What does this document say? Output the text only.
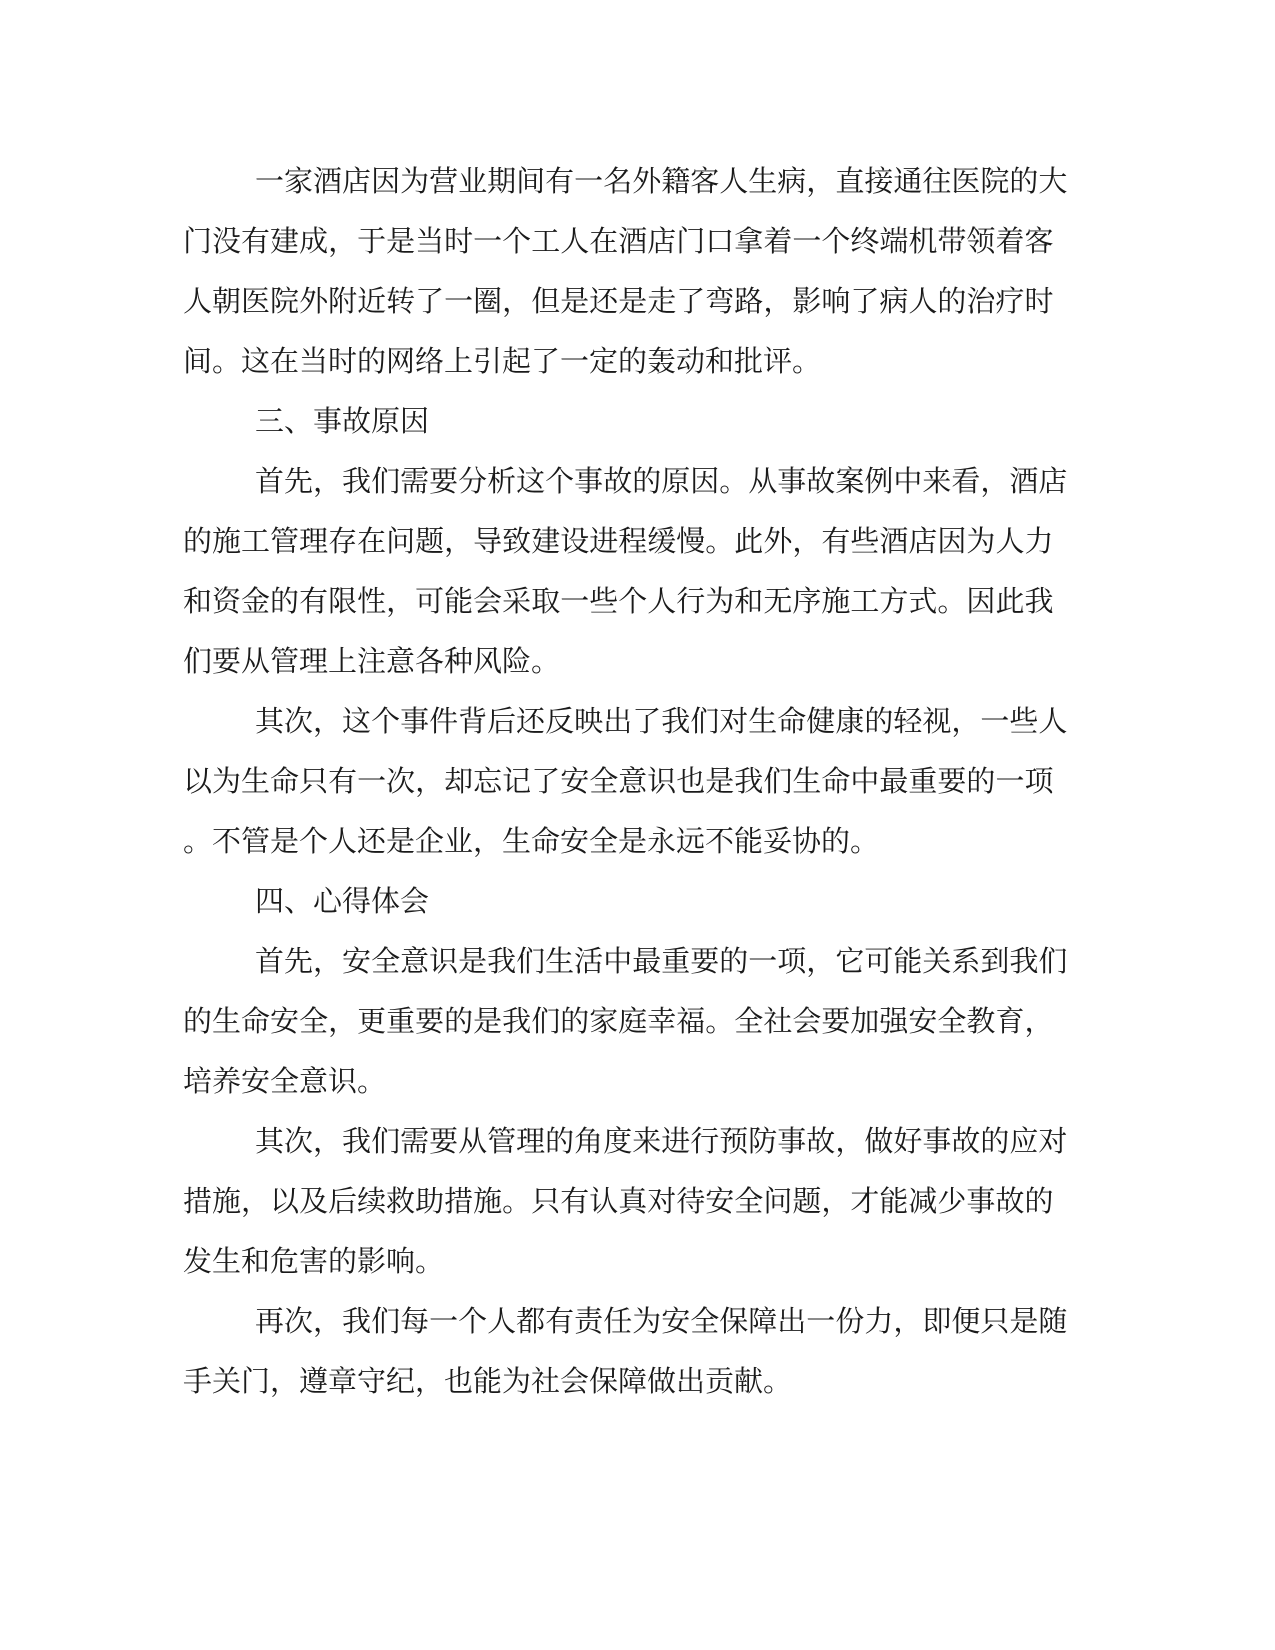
一 家 酒 店 因 为 营 业 期 间 有 一 名 外 籍 客 人 生 病 ， 直 接 通 往 医 院 的 大
门 没 有 建 成 ， 于 是 当 时 一 个 工 人 在 酒 店 门 口 拿 着 一 个 终 端 机 带 领 着 客
人 朝 医 院 外 附 近 转 了 一 圈 ， 但 是 还 是 走 了 弯 路 ， 影 响 了 病 人 的 治 疗 时
间。这在当时的网络上引起了一定的轰动和批评。
三、事故原因
首 先 ， 我 们 需 要 分 析 这 个 事 故 的 原 因 。 从 事 故 案 例 中 来 看 ， 酒 店
的 施 工 管 理 存 在 问 题 ， 导 致 建 设 进 程 缓 慢 。 此 外 ， 有 些 酒 店 因 为 人 力
和 资 金 的 有 限 性 ， 可 能 会 采 取 一 些 个 人 行 为 和 无 序 施 工 方 式 。 因 此 我
们要从管理上注意各种风险。
其 次 ， 这 个 事 件 背 后 还 反 映 出 了 我 们 对 生 命 健 康 的 轻 视 ， 一 些 人
以 为 生 命 只 有 一 次 ， 却 忘 记 了 安 全 意 识 也 是 我 们 生 命 中 最 重 要 的 一 项
。不管是个人还是企业，生命安全是永远不能妥协的。
四、心得体会
首 先 ， 安 全 意 识 是 我 们 生 活 中 最 重 要 的 一 项 ， 它 可 能 关 系 到 我 们
的 生 命 安 全 ， 更 重 要 的 是 我 们 的 家 庭 幸 福 。 全 社 会 要 加 强 安 全 教 育 ，
培养安全意识。
其 次 ， 我 们 需 要 从 管 理 的 角 度 来 进 行 预 防 事 故 ， 做 好 事 故 的 应 对
措 施 ， 以 及 后 续 救 助 措 施 。 只 有 认 真 对 待 安 全 问 题 ， 才 能 减 少 事 故 的
发生和危害的影响。
再 次 ， 我 们 每 一 个 人 都 有 责 任 为 安 全 保 障 出 一 份 力 ， 即 便 只 是 随
手关门，遵章守纪，也能为社会保障做出贡献。
